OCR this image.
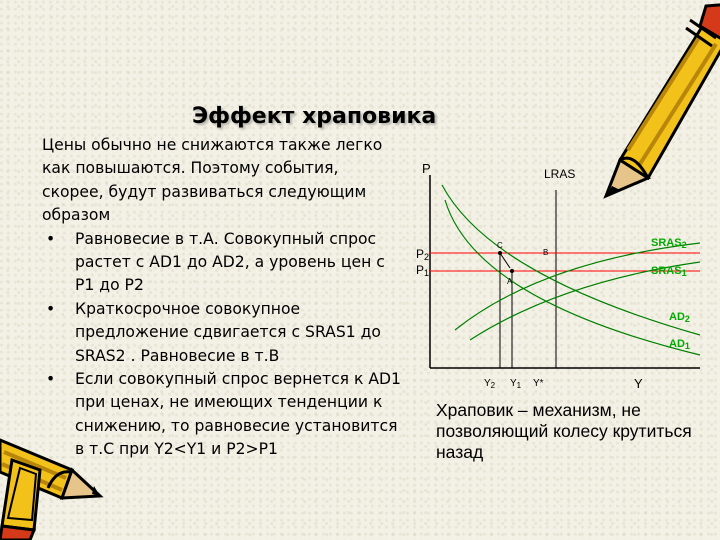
P
Y
LRAS
P2
P1
$Y_2$ $Y_1$ Y*
C
B
A
SRAS2
SRAS1
AD2
AD1
Эффект храповика
Цены обычно не снижаются также легко как повышаются. Поэтому события, скорее, будут развиваться следующим образом
• Равновесие в т.А. Совокупный спрос растет с AD1 до AD2, а уровень цен с P1 до P2
• Краткосрочное совокупное предложение сдвигается с SRAS1 до SRAS2 . Равновесие в т.B
• Если совокупный спрос вернется к AD1 при ценах, не имеющих тенденции к снижению, то равновесие установится в т.C при Y2<Y1 и P2>P1
Храповик – механизм, не позволяющий колесу крутиться назад
